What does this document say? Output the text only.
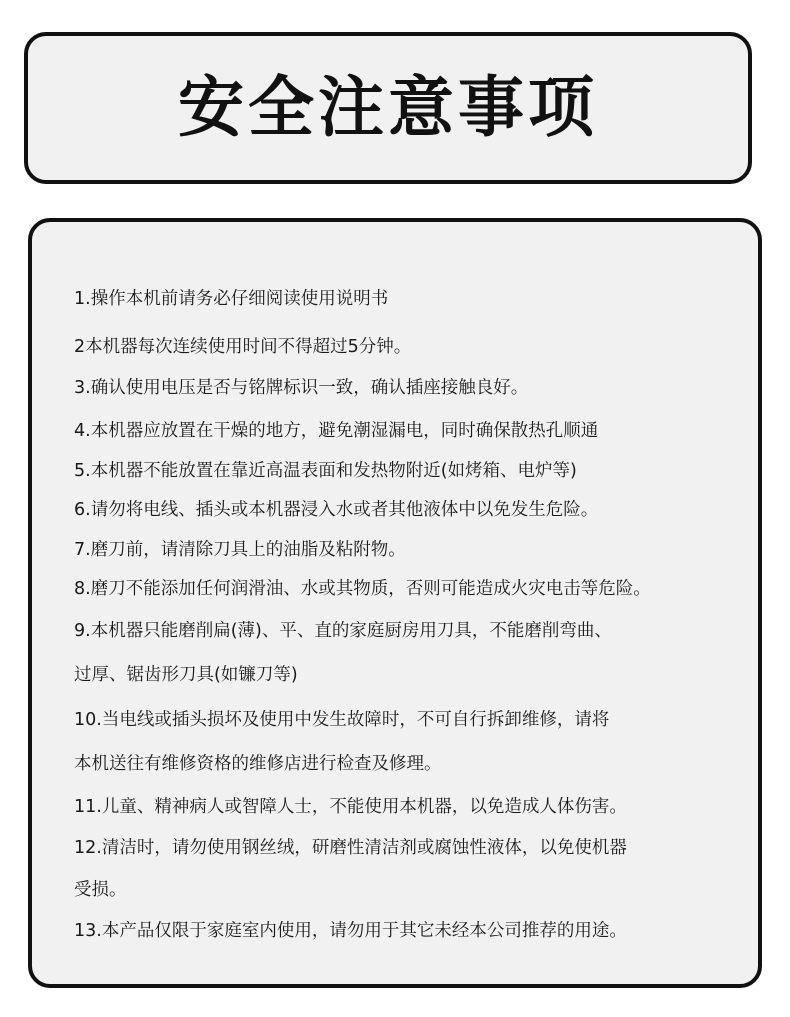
安全注意事项

1.操作本机前请务必仔细阅读使用说明书

2本机器每次连续使用时间不得超过5分钟。

3.确认使用电压是否与铭牌标识一致，确认插座接触良好。

4.本机器应放置在干燥的地方，避免潮湿漏电，同时确保散热孔顺通

5.本机器不能放置在靠近高温表面和发热物附近(如烤箱、电炉等)

6.请勿将电线、插头或本机器浸入水或者其他液体中以免发生危险。

7.磨刀前，请清除刀具上的油脂及粘附物。

8.磨刀不能添加任何润滑油、水或其物质，否则可能造成火灾电击等危险。

9.本机器只能磨削扁(薄)、平、直的家庭厨房用刀具，不能磨削弯曲、

过厚、锯齿形刀具(如镰刀等)

10.当电线或插头损坏及使用中发生故障时，不可自行拆卸维修，请将

本机送往有维修资格的维修店进行检查及修理。

11.儿童、精神病人或智障人士，不能使用本机器，以免造成人体伤害。

12.清洁时，请勿使用钢丝绒，研磨性清洁剂或腐蚀性液体，以免使机器

受损。

13.本产品仅限于家庭室内使用，请勿用于其它未经本公司推荐的用途。
